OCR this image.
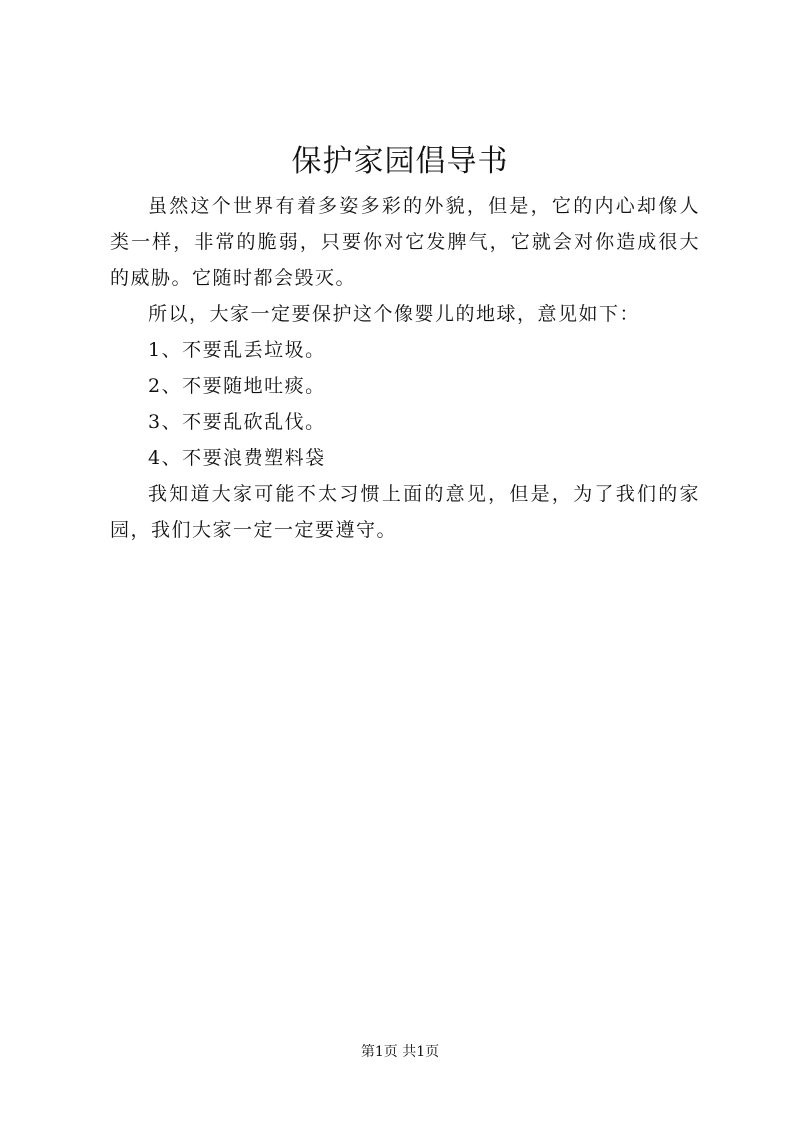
保护家园倡导书

虽然这个世界有着多姿多彩的外貌，但是，它的内心却像人类一样，非常的脆弱，只要你对它发脾气，它就会对你造成很大的威胁。它随时都会毁灭。

所以，大家一定要保护这个像婴儿的地球，意见如下：

1、不要乱丢垃圾。

2、不要随地吐痰。

3、不要乱砍乱伐。

4、不要浪费塑料袋

我知道大家可能不太习惯上面的意见，但是，为了我们的家园，我们大家一定一定要遵守。

第1页 共1页
